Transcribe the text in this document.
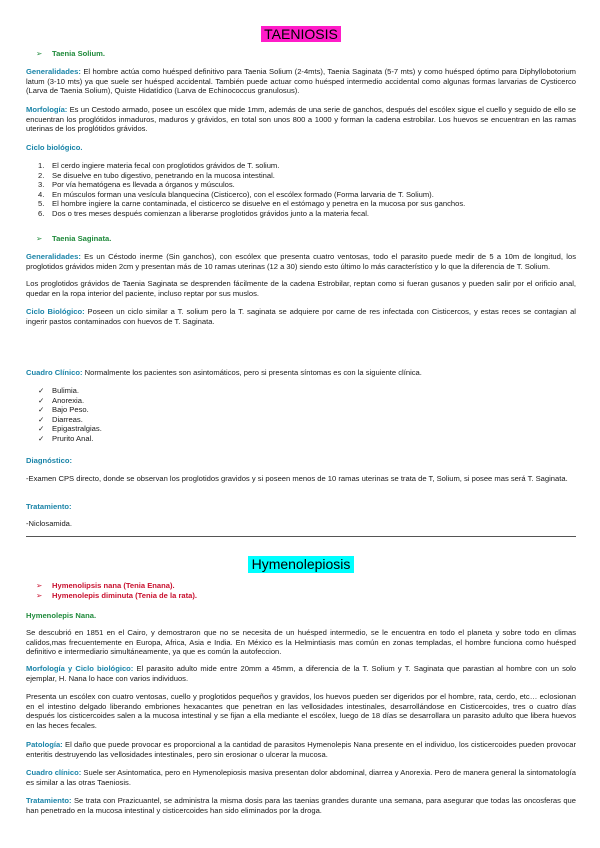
TAENIOSIS
➢ Taenia Solium.

Generalidades: El hombre actúa como huésped definitivo para Taenia Solium (2-4mts), Taenia Saginata (5-7 mts) y como huésped óptimo para Diphyllobotorium latum (3-10 mts) ya que suele ser huésped accidental. También puede actuar como huésped intermedio accidental como algunas formas larvarias de Cysticerco (Larva de Taenia Solium), Quiste Hidatídico (Larva de Echinococcus granulosus).

Morfología: Es un Cestodo armado, posee un escólex que mide 1mm, además de una serie de ganchos, después del escólex sigue el cuello y seguido de ello se encuentran los proglótidos inmaduros, maduros y grávidos, en total son unos 800 a 1000 y forman la cadena estrobilar. Los huevos se encuentran en las ramas uterinas de los proglótidos grávidos.

Ciclo biológico.
1. El cerdo ingiere materia fecal con proglotidos grávidos de T. solium.
2. Se disuelve en tubo digestivo, penetrando en la mucosa intestinal.
3. Por vía hematógena es llevada a órganos y músculos.
4. En músculos forman una vesícula blanquecina (Cisticerco), con el escólex formado (Forma larvaria de T. Solium).
5. El hombre ingiere la carne contaminada, el cisticerco se disuelve en el estómago y penetra en la mucosa por sus ganchos.
6. Dos o tres meses después comienzan a liberarse proglotidos grávidos junto a la materia fecal.
➢ Taenia Saginata.

Generalidades: Es un Céstodo inerme (Sin ganchos), con escólex que presenta cuatro ventosas, todo el parasito puede medir de 5 a 10m de longitud, los proglotidos grávidos miden 2cm y presentan más de 10 ramas uterinas (12 a 30) siendo esto último lo más característico y lo que la diferencia de T. Solium.

Los proglotidos grávidos de Taenia Saginata se desprenden fácilmente de la cadena Estrobilar, reptan como si fueran gusanos y pueden salir por el orificio anal, quedar en la ropa interior del paciente, incluso reptar por sus muslos.

Ciclo Biológico: Poseen un ciclo similar a T. solium pero la T. saginata se adquiere por carne de res infectada con Cisticercos, y estas reces se contagian al ingerir pastos contaminados con huevos de T. Saginata.

Cuadro Clínico: Normalmente los pacientes son asintomáticos, pero si presenta síntomas es con la siguiente clínica.

✓ Bulimia.
✓ Anorexia.
✓ Bajo Peso.
✓ Diarreas.
✓ Epigastralgias.
✓ Prurito Anal.
Diagnóstico:

-Examen CPS directo, donde se observan los proglotidos gravidos y si poseen menos de 10 ramas uterinas se trata de T, Solium, si posee mas será T. Saginata.

Tratamiento:

-Niclosamida.

Hymenolepiosis
➢ Hymenolipsis nana (Tenia Enana).
➢ Hymenolepis diminuta (Tenia de la rata).
Hymenolepis Nana.

Se descubrió en 1851 en el Cairo, y demostraron que no se necesita de un huésped intermedio, se le encuentra en todo el planeta y sobre todo en climas calidos,mas frecuentemente en Europa, Africa, Asia e India. En México es la Helmintiasis mas común en zonas templadas, el hombre funciona como huésped definitivo e intermediario simultáneamente, ya que es común la autofeccion.

Morfología y Ciclo biológico: El parasito adulto mide entre 20mm a 45mm, a diferencia de la T. Solium y T. Saginata que parastian al hombre con un solo ejemplar, H. Nana lo hace con varios individuos.

Presenta un escólex con cuatro ventosas, cuello y proglotidos pequeños y gravidos, los huevos pueden ser digeridos por el hombre, rata, cerdo, etc… eclosionan en el intestino delgado liberando embriones hexacantes que penetran en las vellosidades intestinales, desarrollándose en Cisticercoides, tres o cuatro días después los cisticercoides salen a la mucosa intestinal y se fijan a ella mediante el escólex, luego de 18 días se desarrollara un parasito adulto que libera huevos en las heces fecales.

Patología: El daño que puede provocar es proporcional a la cantidad de parasitos Hymenolepis Nana presente en el individuo, los cisticercoides pueden provocar enteritis destruyendo las vellosidades intestinales, pero sin erosionar o ulcerar la mucosa.

Cuadro clínico: Suele ser Asintomatica, pero en Hymenolepiosis masiva presentan dolor abdominal, diarrea y Anorexia. Pero de manera general la sintomatología es similar a las otras Taeniosis.

Tratamiento: Se trata con Prazicuantel, se administra la misma dosis para las taenias grandes durante una semana, para asegurar que todas las oncosferas que han penetrado en la mucosa intestinal y cisticercoides han sido eliminados por la droga.
